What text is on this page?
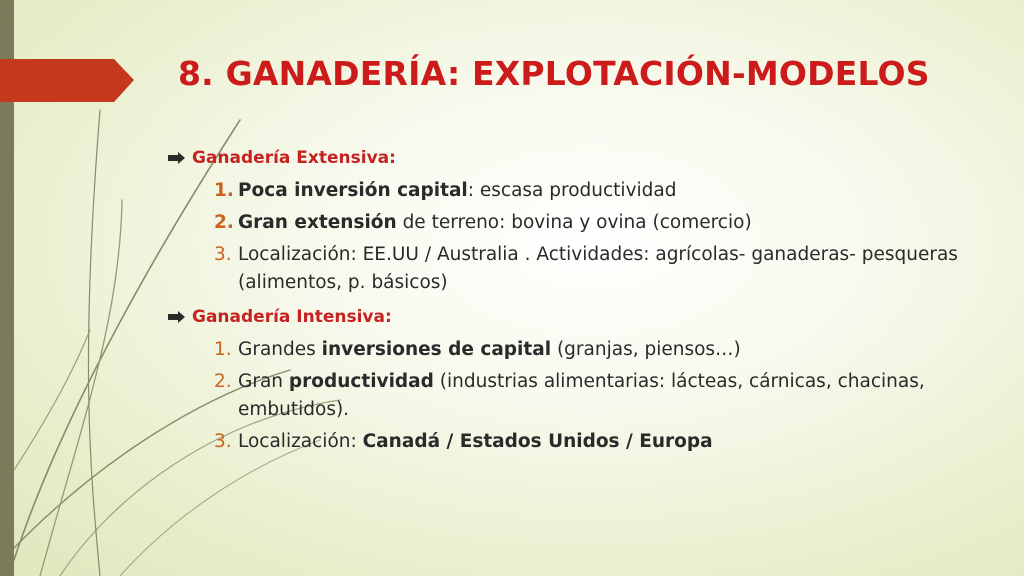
8. GANADERÍA: EXPLOTACIÓN-MODELOS
Ganadería Extensiva:
1. Poca inversión capital: escasa productividad
2. Gran extensión de terreno: bovina y ovina (comercio)
3. Localización: EE.UU / Australia . Actividades: agrícolas- ganaderas- pesqueras (alimentos, p. básicos)
Ganadería Intensiva:
1. Grandes inversiones de capital (granjas, piensos…)
2. Gran productividad (industrias alimentarias: lácteas, cárnicas, chacinas, embutidos).
3. Localización: Canadá / Estados Unidos / Europa
